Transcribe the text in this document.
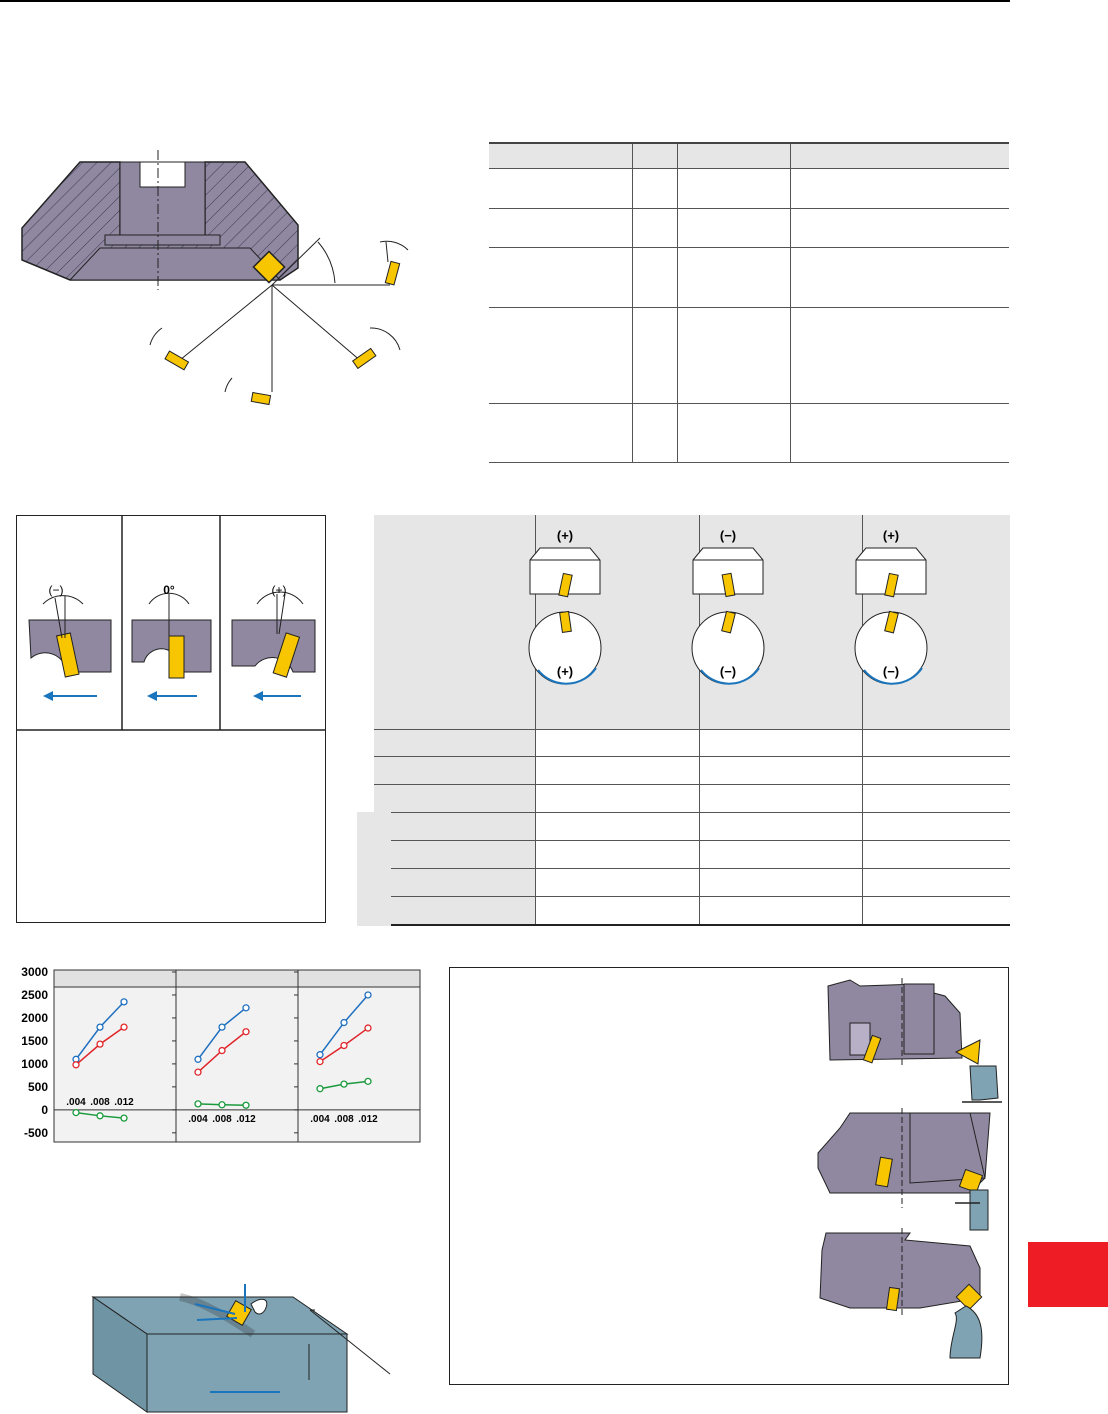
(−)	0°	(+)

(+)
(+)
(−)
(−)
(+)
(−)
3000
2500
2000
1500
1000
500
0
-500
.004 .008 .012
.004 .008 .012	.004 .008 .012
